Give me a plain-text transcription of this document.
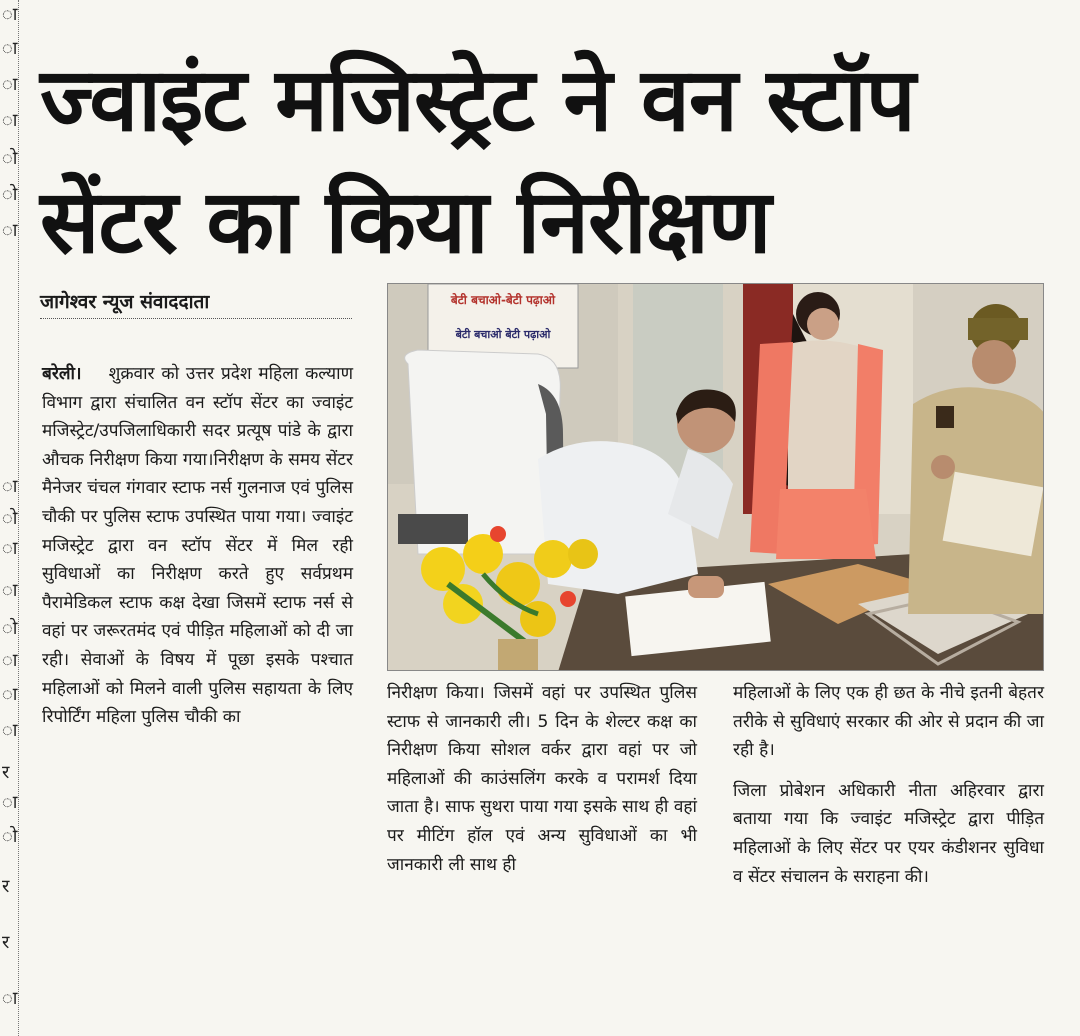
ा
ा
ा
ा
ो
ो
ा
ा
ो
ा
ा
ो
ा
ा
ा
र
ा
ो
र
र
ा
ज्वाइंट मजिस्ट्रेट ने वन स्टॉप
सेंटर का किया निरीक्षण
जागेश्वर न्यूज संवाददाता	बेटी बचाओ-बेटी पढ़ाओ
बेटी बचाओ बेटी पढ़ाओ

बरेली। शुक्रवार को उत्तर प्रदेश महिला कल्याण विभाग द्वारा संचालित वन स्टॉप सेंटर का ज्वाइंट मजिस्ट्रेट/उपजिलाधिकारी सदर प्रत्यूष पांडे के द्वारा औचक निरीक्षण किया गया।निरीक्षण के समय सेंटर मैनेजर चंचल गंगवार स्टाफ नर्स गुलनाज एवं पुलिस चौकी पर पुलिस स्टाफ उपस्थित पाया गया। ज्वाइंट मजिस्ट्रेट द्वारा वन स्टॉप सेंटर में मिल रही सुविधाओं का निरीक्षण करते हुए सर्वप्रथम पैरामेडिकल स्टाफ कक्ष देखा जिसमें स्टाफ नर्स से वहां पर जरूरतमंद एवं पीड़ित महिलाओं को दी जा रही। सेवाओं के विषय में पूछा इसके पश्चात महिलाओं को मिलने वाली पुलिस सहायता के लिए रिपोर्टिंग महिला पुलिस चौकी का

निरीक्षण किया। जिसमें वहां पर उपस्थित पुलिस स्टाफ से जानकारी ली। 5 दिन के शेल्टर कक्ष का निरीक्षण किया सोशल वर्कर द्वारा वहां पर जो महिलाओं की काउंसलिंग करके व परामर्श दिया जाता है। साफ सुथरा पाया गया इसके साथ ही वहां पर मीटिंग हॉल एवं अन्य सुविधाओं का भी जानकारी ली साथ ही

महिलाओं के लिए एक ही छत के नीचे इतनी बेहतर तरीके से सुविधाएं सरकार की ओर से प्रदान की जा रही है।

जिला प्रोबेशन अधिकारी नीता अहिरवार द्वारा बताया गया कि ज्वाइंट मजिस्ट्रेट द्वारा पीड़ित महिलाओं के लिए सेंटर पर एयर कंडीशनर सुविधा व सेंटर संचालन के सराहना की।
